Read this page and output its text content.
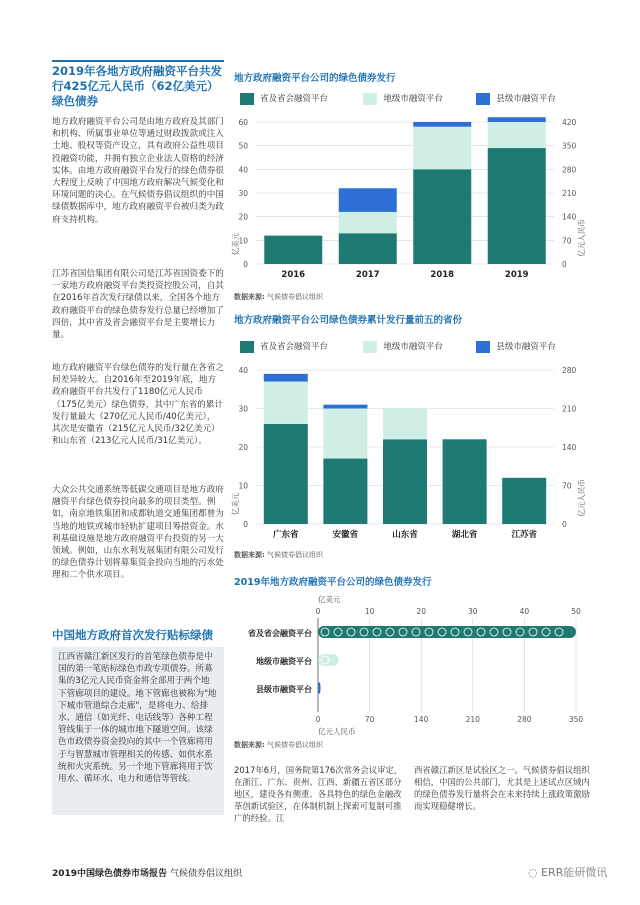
2019年各地方政府融资平台共发行425亿元人民币（62亿美元）绿色债券
地方政府融资平台公司是由地方政府及其部门和机构、所属事业单位等通过财政拨款或注入土地、股权等资产设立，具有政府公益性项目投融资功能，并拥有独立企业法人资格的经济实体。由地方政府融资平台发行的绿色债券很大程度上反映了中国地方政府解决气候变化和环境问题的决心。在气候债券倡议组织的中国绿债数据库中，地方政府融资平台被归类为政府支持机构。
江苏省国信集团有限公司是江苏省国资委下的一家地方政府融资平台类投资控股公司，自其在2016年首次发行绿债以来，全国各个地方政府融资平台的绿色债券发行总量已经增加了四倍，其中省及省会融资平台是主要增长力量。
地方政府融资平台绿色债券的发行量在各省之间差异较大。自2016年至2019年底，地方政府融资平台共发行了1180亿元人民币（175亿美元）绿色债券，其中广东省的累计发行量最大（270亿元人民币/40亿美元），其次是安徽省（215亿元人民币/32亿美元）和山东省（213亿元人民币/31亿美元）。
大众公共交通系统等低碳交通项目是地方政府融资平台绿色债券投向最多的项目类型。例如，南京地铁集团和成都轨道交通集团都曾为当地的地铁或城市轻轨扩建项目筹措资金。水利基础设施是地方政府融资平台投资的另一大领域。例如，山东水利发展集团有限公司发行的绿色债券计划将募集资金投向当地的污水处理和二个供水项目。
中国地方政府首次发行贴标绿债
江西省赣江新区发行的首笔绿色债券是中国的第一笔贴标绿色市政专项债券。所募集的3亿元人民币资金将全部用于两个地下管廊项目的建设。地下管廊也被称为"地下城市管道综合走廊"，是将电力、给排水、通信（如光纤、电话线等）各种工程管线集于一体的城市地下隧道空间。该绿色市政债券资金投向的其中一个管廊将用于与智慧城市管理相关的传感、如供水系统和火灾系统。另一个地下管廊将用于饮用水、循环水、电力和通信等管线。
地方政府融资平台公司的绿色债券发行
省及省会融资平台	地级市融资平台	县级市融资平台
0	0
10	70
20	140
30	210
40	280
50	350
60	420
亿美元	亿元人民币
2016	2017	2018	2019
数据来源: 气候债券倡议组织
地方政府融资平台公司绿色债券累计发行量前五的省份
省及省会融资平台	地级市融资平台	县级市融资平台
0	0
10	70
20	140
30	210
40	280
亿美元	亿元人民币
广东省	安徽省	山东省	湖北省	江苏省
数据来源: 气候债券倡议组织
2019年地方政府融资平台公司的绿色债券发行
亿美元
0
0
10
70
20
140
30
210
40
280
50
350
亿元人民币
省及省会融资平台
地级市融资平台
县级市融资平台
数据来源: 气候债券倡议组织
2017年6月，国务院第176次常务会议审定，在浙江、广东、贵州、江西、新疆五省区部分地区，建设各有侧重、各具特色的绿色金融改革创新试验区，在体制机制上探索可复制可推广的经验。江
西省赣江新区是试验区之一。气候债券倡议组织相信，中国的公共部门，尤其是上述试点区域内的绿色债券发行量将会在未来持续上涨政策激励而实现稳健增长。
2019中国绿色债券市场报告 气候债券倡议组织	◌ ERR能研微讯
